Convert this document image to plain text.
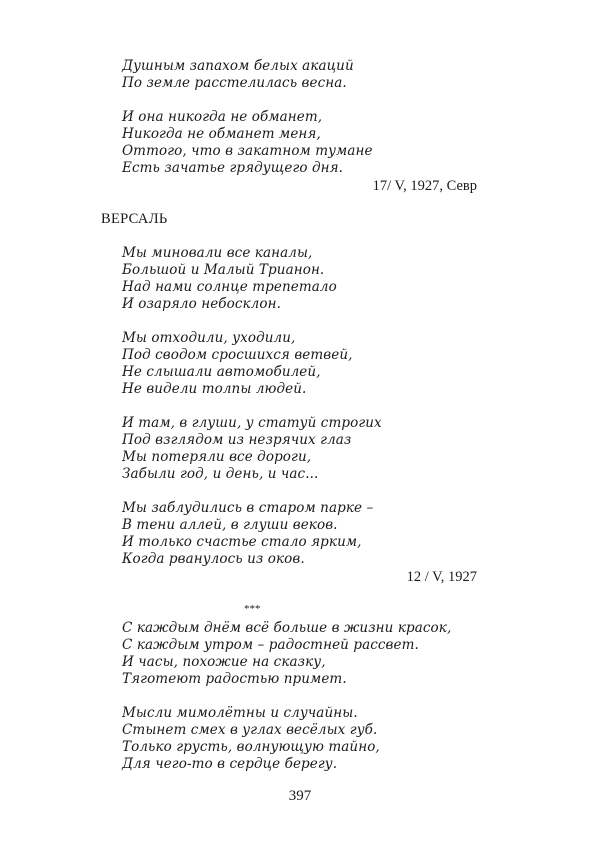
Душным запахом белых акаций
По земле расстелилась весна.
И она никогда не обманет,
Никогда не обманет меня,
Оттого, что в закатном тумане
Есть зачатье грядущего дня.
17/ V, 1927, Севр
ВЕРСАЛЬ
Мы миновали все каналы,
Большой и Малый Трианон.
Над нами солнце трепетало
И озаряло небосклон.
Мы отходили, уходили,
Под сводом сросшихся ветвей,
Не слышали автомобилей,
Не видели толпы людей.
И там, в глуши, у статуй строгих
Под взглядом из незрячих глаз
Мы потеряли все дороги,
Забыли год, и день, и час...
Мы заблудились в старом парке –
В тени аллей, в глуши веков.
И только счастье стало ярким,
Когда рванулось из оков.
12 / V, 1927
***
С каждым днём всё больше в жизни красок,
С каждым утром – радостней рассвет.
И часы, похожие на сказку,
Тяготеют радостью примет.
Мысли мимолётны и случайны.
Стынет смех в углах весёлых губ.
Только грусть, волнующую тайно,
Для чего-то в сердце берегу.
397
